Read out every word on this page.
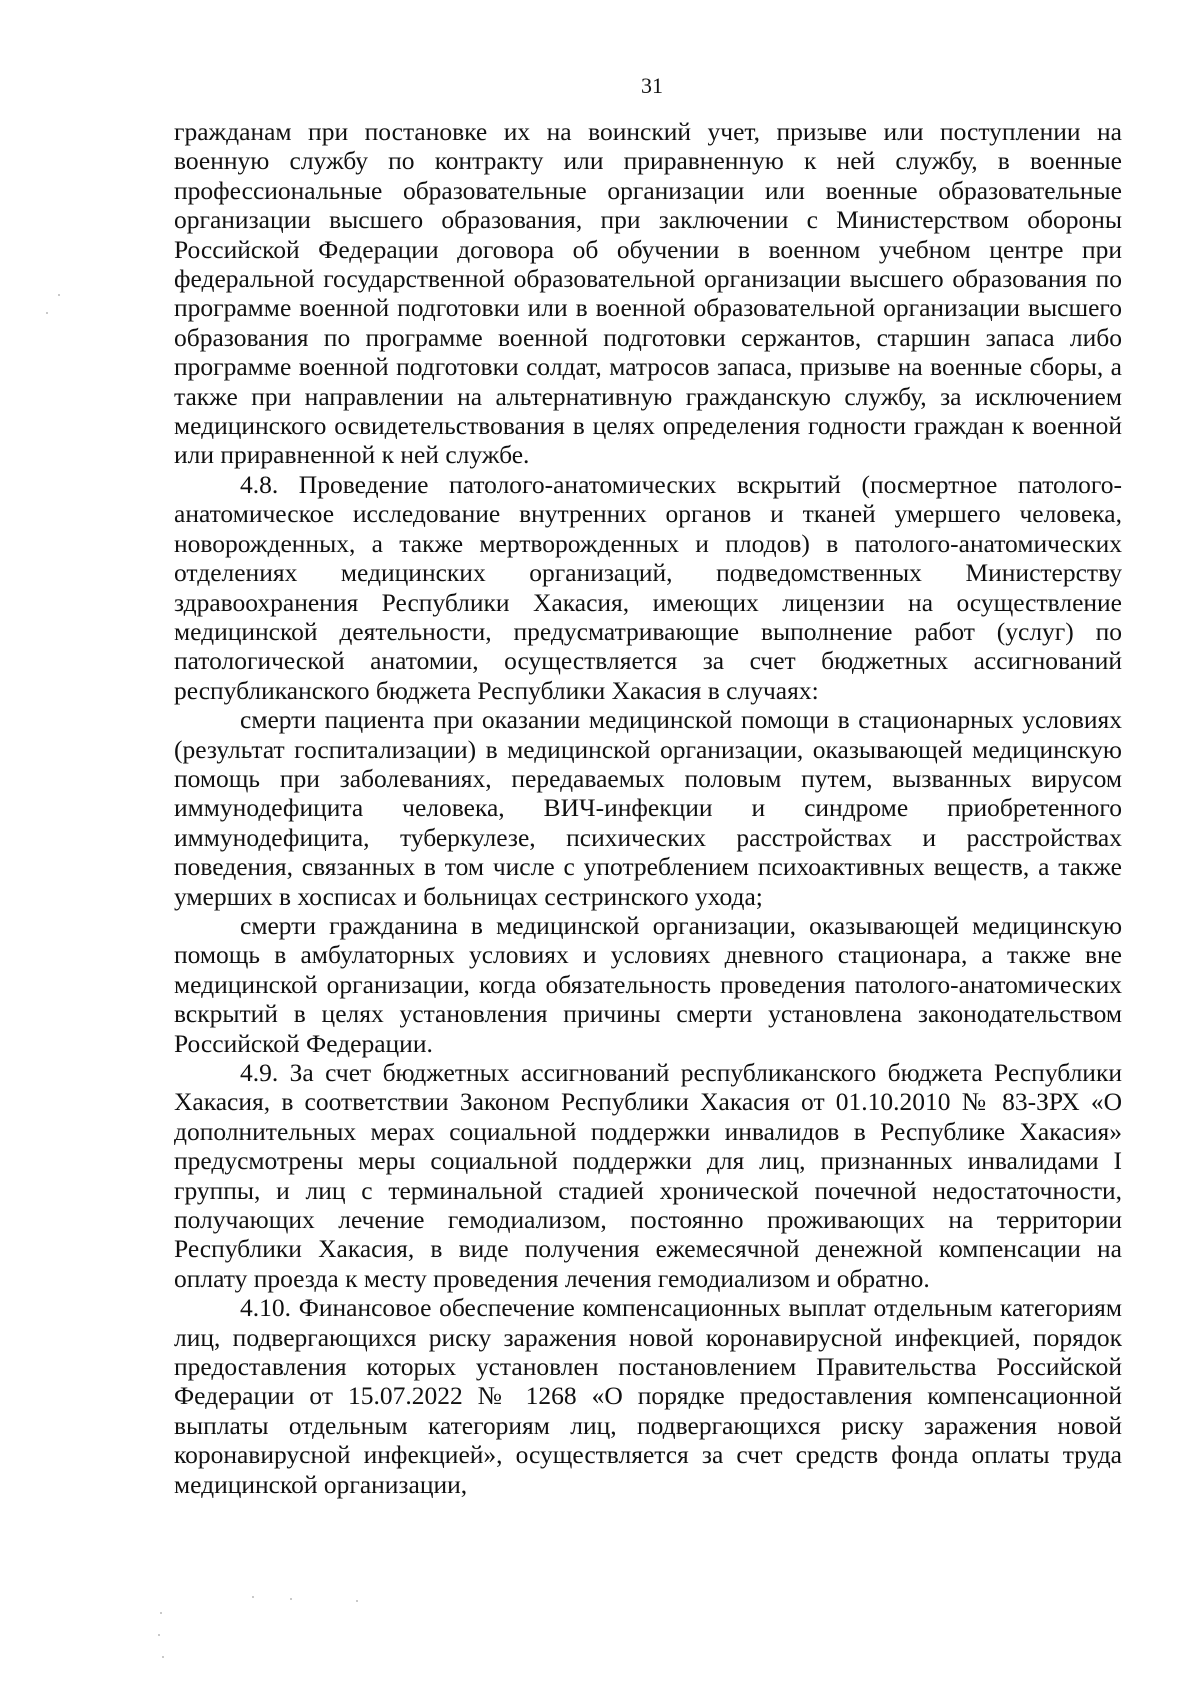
31

гражданам при постановке их на воинский учет, призыве или поступлении на военную службу по контракту или приравненную к ней службу, в военные профессиональные образовательные организации или военные образовательные организации высшего образования, при заключении с Министерством обороны Российской Федерации договора об обучении в военном учебном центре при федеральной государственной образовательной организации высшего образования по программе военной подготовки или в военной образовательной организации высшего образования по программе военной подготовки сержантов, старшин запаса либо программе военной подготовки солдат, матросов запаса, призыве на военные сборы, а также при направлении на альтернативную гражданскую службу, за исключением медицинского освидетельствования в целях определения годности граждан к военной или приравненной к ней службе.

4.8. Проведение патолого-анатомических вскрытий (посмертное патолого-анатомическое исследование внутренних органов и тканей умершего человека, новорожденных, а также мертворожденных и плодов) в патолого-анатомических отделениях медицинских организаций, подведомственных Министерству здравоохранения Республики Хакасия, имеющих лицензии на осуществление медицинской деятельности, предусматривающие выполнение работ (услуг) по патологической анатомии, осуществляется за счет бюджетных ассигнований республиканского бюджета Республики Хакасия в случаях:

смерти пациента при оказании медицинской помощи в стационарных условиях (результат госпитализации) в медицинской организации, оказывающей медицинскую помощь при заболеваниях, передаваемых половым путем, вызванных вирусом иммунодефицита человека, ВИЧ-инфекции и синдроме приобретенного иммунодефицита, туберкулезе, психических расстройствах и расстройствах поведения, связанных в том числе с употреблением психоактивных веществ, а также умерших в хосписах и больницах сестринского ухода;

смерти гражданина в медицинской организации, оказывающей медицинскую помощь в амбулаторных условиях и условиях дневного стационара, а также вне медицинской организации, когда обязательность проведения патолого-анатомических вскрытий в целях установления причины смерти установлена законодательством Российской Федерации.

4.9. За счет бюджетных ассигнований республиканского бюджета Республики Хакасия, в соответствии Законом Республики Хакасия от 01.10.2010 № 83-ЗРХ «О дополнительных мерах социальной поддержки инвалидов в Республике Хакасия» предусмотрены меры социальной поддержки для лиц, признанных инвалидами I группы, и лиц с терминальной стадией хронической почечной недостаточности, получающих лечение гемодиализом, постоянно проживающих на территории Республики Хакасия, в виде получения ежемесячной денежной компенсации на оплату проезда к месту проведения лечения гемодиализом и обратно.

4.10. Финансовое обеспечение компенсационных выплат отдельным категориям лиц, подвергающихся риску заражения новой коронавирусной инфекцией, порядок предоставления которых установлен постановлением Правительства Российской Федерации от 15.07.2022 № 1268 «О порядке предоставления компенсационной выплаты отдельным категориям лиц, подвергающихся риску заражения новой коронавирусной инфекцией», осуществляется за счет средств фонда оплаты труда медицинской организации,
